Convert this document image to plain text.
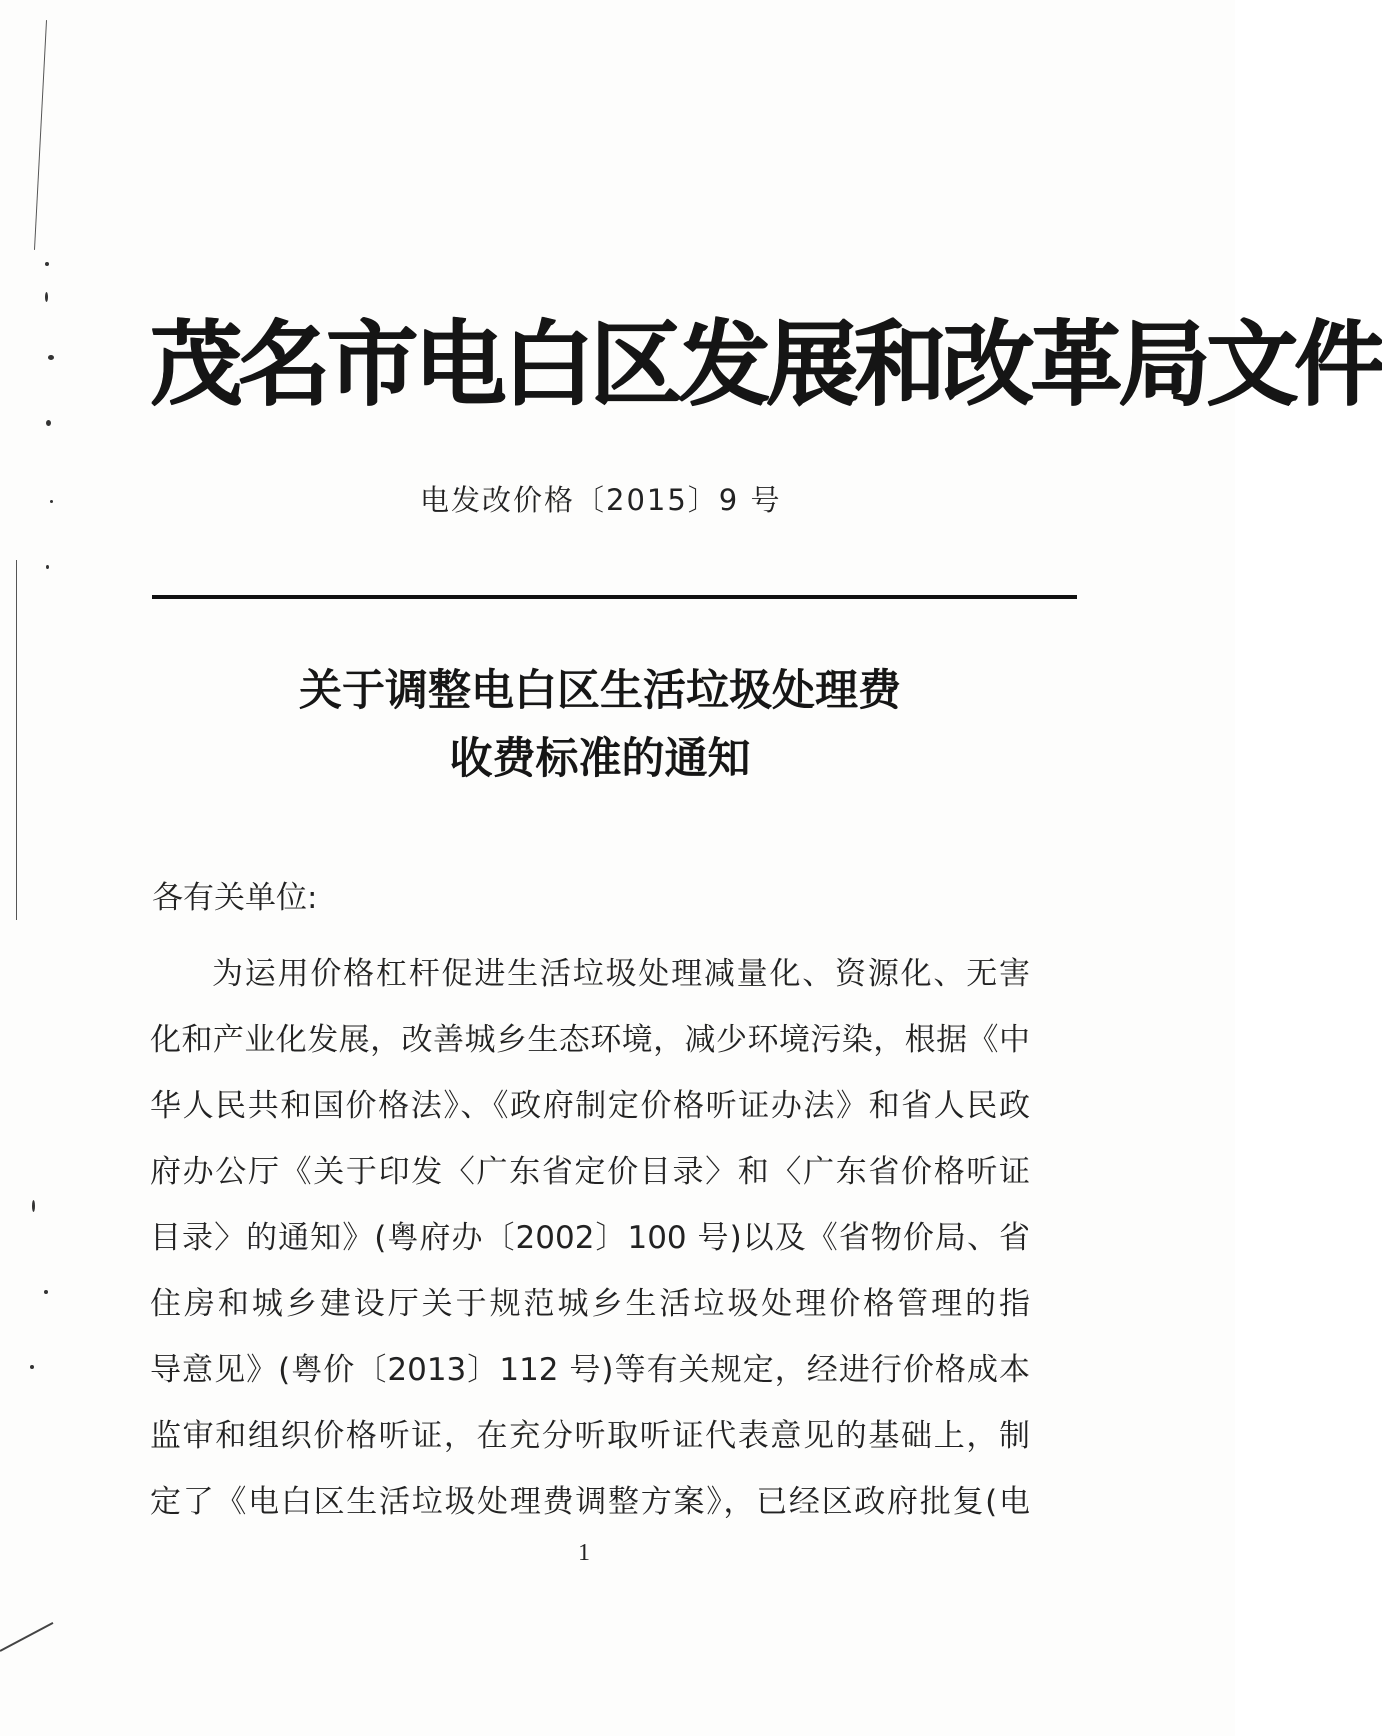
茂名市电白区发展和改革局文件
电发改价格〔2015〕9 号
关于调整电白区生活垃圾处理费
收费标准的通知
各有关单位:
为运用价格杠杆促进生活垃圾处理减量化、资源化、无害
化和产业化发展，改善城乡生态环境，减少环境污染，根据《中
华人民共和国价格法》、《政府制定价格听证办法》和省人民政
府办公厅《关于印发〈广东省定价目录〉和〈广东省价格听证
目录〉的通知》(粤府办〔2002〕100 号)以及《省物价局、省
住房和城乡建设厅关于规范城乡生活垃圾处理价格管理的指
导意见》(粤价〔2013〕112 号)等有关规定，经进行价格成本
监审和组织价格听证，在充分听取听证代表意见的基础上，制
定了《电白区生活垃圾处理费调整方案》，已经区政府批复(电
1
